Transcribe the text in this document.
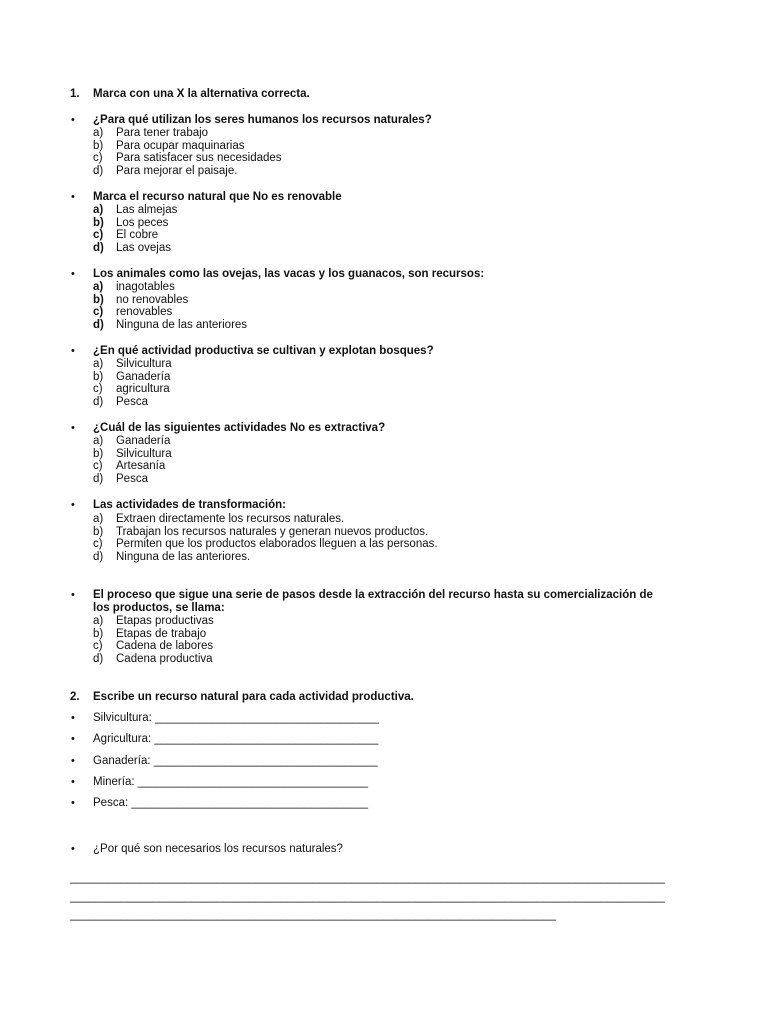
1. Marca con una X la alternativa correcta.
• ¿Para qué utilizan los seres humanos los recursos naturales?
a)	Para tener trabajo
b)	Para ocupar maquinarias
c)	Para satisfacer sus necesidades
d)	Para mejorar el paisaje.
• Marca el recurso natural que No es renovable
a)	Las almejas
b)	Los peces
c)	El cobre
d)	Las ovejas
• Los animales como las ovejas, las vacas y los guanacos, son recursos:
a)	inagotables
b)	no renovables
c)	renovables
d)	Ninguna de las anteriores
• ¿En qué actividad productiva se cultivan y explotan bosques?
a)	Silvicultura
b)	Ganadería
c)	agricultura
d)	Pesca
• ¿Cuál de las siguientes actividades No es extractiva?
a)	Ganadería
b)	Silvicultura
c)	Artesanía
d)	Pesca
• Las actividades de transformación:
a)	Extraen directamente los recursos naturales.
b)	Trabajan los recursos naturales y generan nuevos productos.
c)	Permiten que los productos elaborados lleguen a las personas.
d)	Ninguna de las anteriores.
• El proceso que sigue una serie de pasos desde la extracción del recurso hasta su comercialización de
los productos, se llama:
a)	Etapas productivas
b)	Etapas de trabajo
c)	Cadena de labores
d)	Cadena productiva
2. Escribe un recurso natural para cada actividad productiva.
• Silvicultura: ___________________________________
• Agricultura: ___________________________________
• Ganadería: ___________________________________
• Minería: ____________________________________
• Pesca: _____________________________________
• ¿Por qué son necesarios los recursos naturales?
_____________________________________________________________________________________________
_____________________________________________________________________________________________
____________________________________________________________________________
